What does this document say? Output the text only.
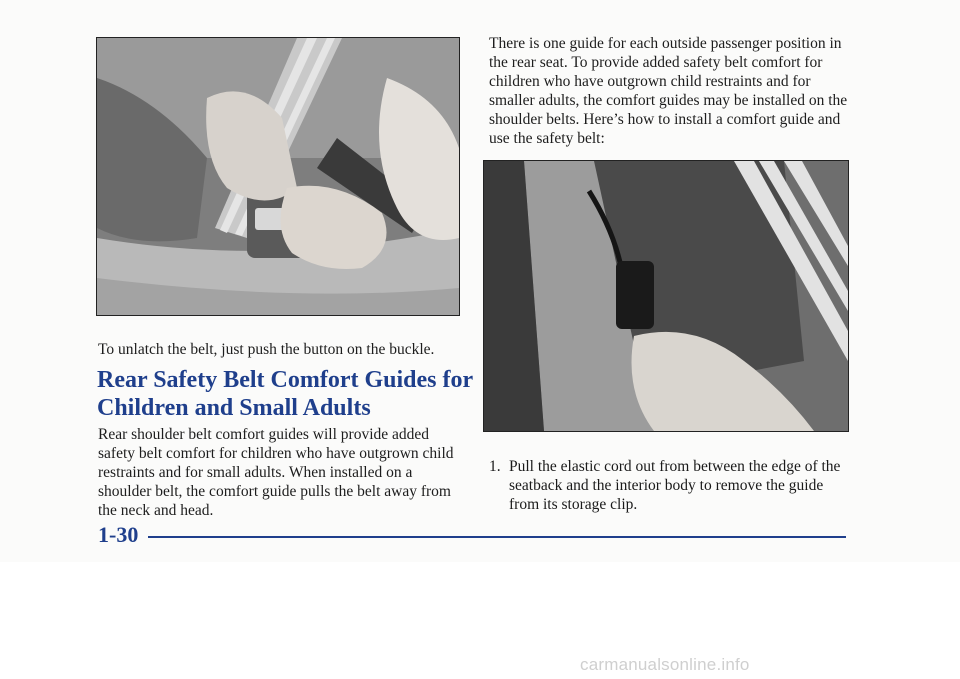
To unlatch the belt, just push the button on the buckle.
Rear Safety Belt Comfort Guides for
Children and Small Adults
Rear shoulder belt comfort guides will provide added safety belt comfort for children who have outgrown child restraints and for small adults. When installed on a shoulder belt, the comfort guide pulls the belt away from the neck and head.
There is one guide for each outside passenger position in the rear seat. To provide added safety belt comfort for children who have outgrown child restraints and for smaller adults, the comfort guides may be installed on the shoulder belts. Here’s how to install a comfort guide and use the safety belt:
1. Pull the elastic cord out from between the edge of the seatback and the interior body to remove the guide from its storage clip.
1-30
carmanualsonline.info
